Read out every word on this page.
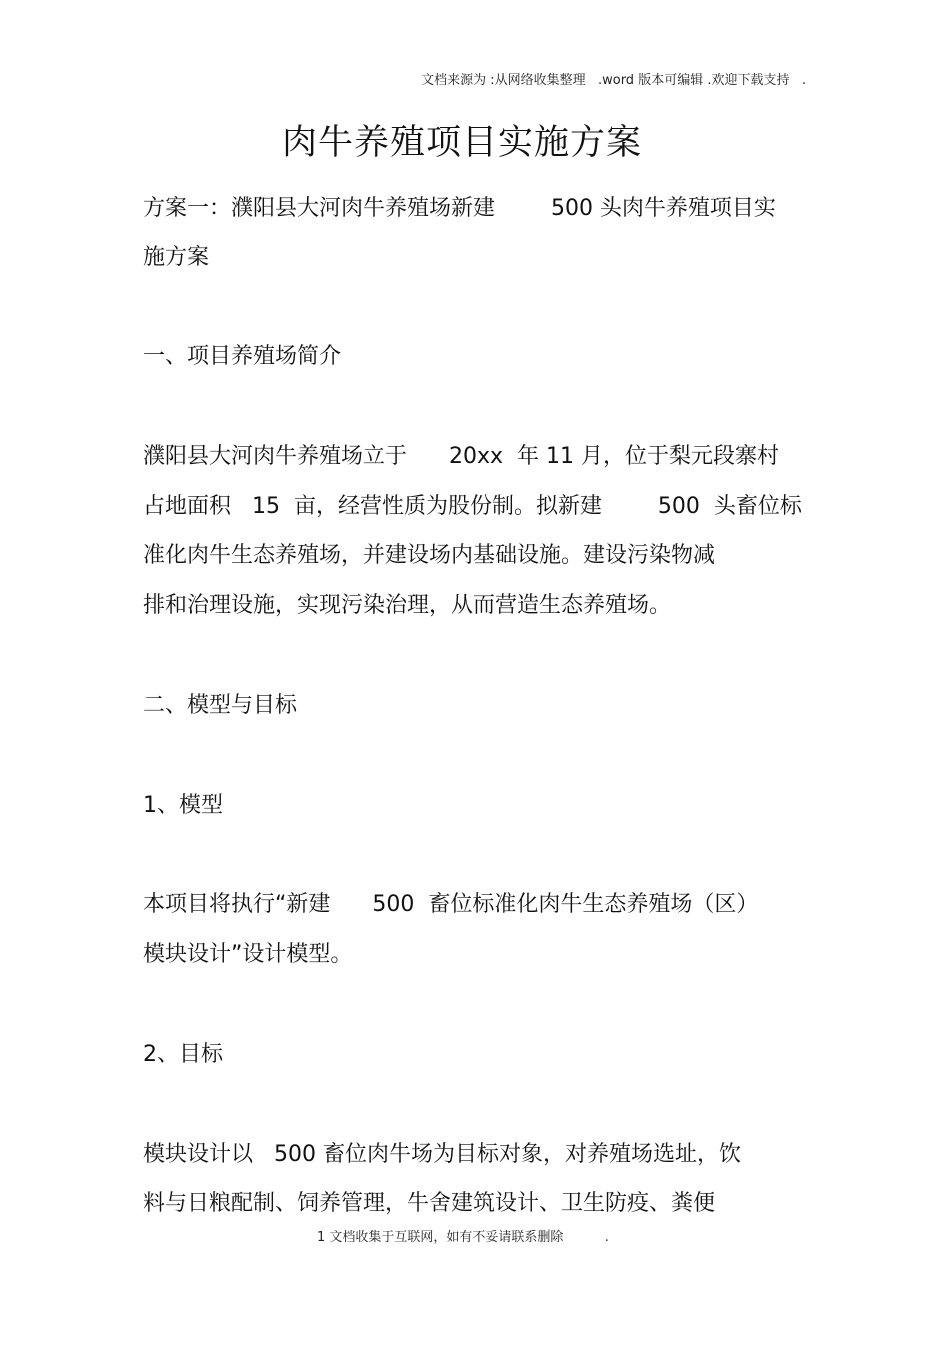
文档来源为 :从网络收集整理   .word 版本可编辑 .欢迎下载支持   .
肉牛养殖项目实施方案
方案一：濮阳县大河肉牛养殖场新建        500 头肉牛养殖项目实
施方案
一、项目养殖场简介
濮阳县大河肉牛养殖场立于      20xx  年 11 月，位于梨元段寨村
占地面积   15  亩，经营性质为股份制。拟新建        500  头畜位标
准化肉牛生态养殖场，并建设场内基础设施。建设污染物减
排和治理设施，实现污染治理，从而营造生态养殖场。
二、模型与目标
1、模型
本项目将执行“新建      500  畜位标准化肉牛生态养殖场（区）
模块设计”设计模型。
2、目标
模块设计以   500 畜位肉牛场为目标对象，对养殖场选址，饮
料与日粮配制、饲养管理，牛舍建筑设计、卫生防疫、粪便
1 文档收集于互联网，如有不妥请联系删除          .
